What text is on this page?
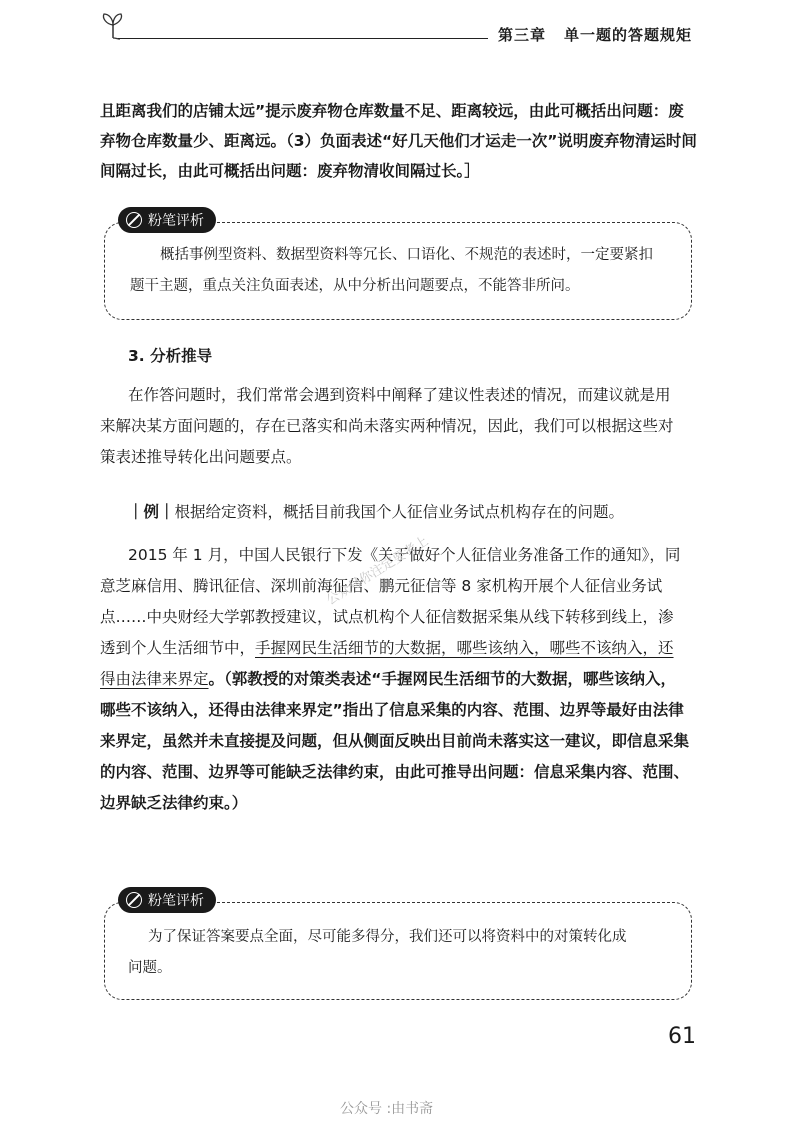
第三章 单一题的答题规矩
且距离我们的店铺太远”提示废弃物仓库数量不足、距离较远，由此可概括出问题：废
弃物仓库数量少、距离远。（3）负面表述“好几天他们才运走一次”说明废弃物清运时间
间隔过长，由此可概括出问题：废弃物清收间隔过长。］
粉笔评析
概括事例型资料、数据型资料等冗长、口语化、不规范的表述时，一定要紧扣
题干主题，重点关注负面表述，从中分析出问题要点，不能答非所问。
3. 分析推导
在作答问题时，我们常常会遇到资料中阐释了建议性表述的情况，而建议就是用
来解决某方面问题的，存在已落实和尚未落实两种情况，因此，我们可以根据这些对
策表述推导转化出问题要点。
｜例｜根据给定资料，概括目前我国个人征信业务试点机构存在的问题。
2015 年 1 月，中国人民银行下发《关于做好个人征信业务准备工作的通知》，同
意芝麻信用、腾讯征信、深圳前海征信、鹏元征信等 8 家机构开展个人征信业务试
点……中央财经大学郭教授建议，试点机构个人征信数据采集从线下转移到线上，渗
透到个人生活细节中，手握网民生活细节的大数据，哪些该纳入，哪些不该纳入，还
得由法律来界定。（郭教授的对策类表述“手握网民生活细节的大数据，哪些该纳入，
哪些不该纳入，还得由法律来界定”指出了信息采集的内容、范围、边界等最好由法律
来界定，虽然并未直接提及问题，但从侧面反映出目前尚未落实这一建议，即信息采集
的内容、范围、边界等可能缺乏法律约束，由此可推导出问题：信息采集内容、范围、
边界缺乏法律约束。）
公众号你注定要考上
粉笔评析
为了保证答案要点全面，尽可能多得分，我们还可以将资料中的对策转化成
问题。
61
公众号 :由书斋
